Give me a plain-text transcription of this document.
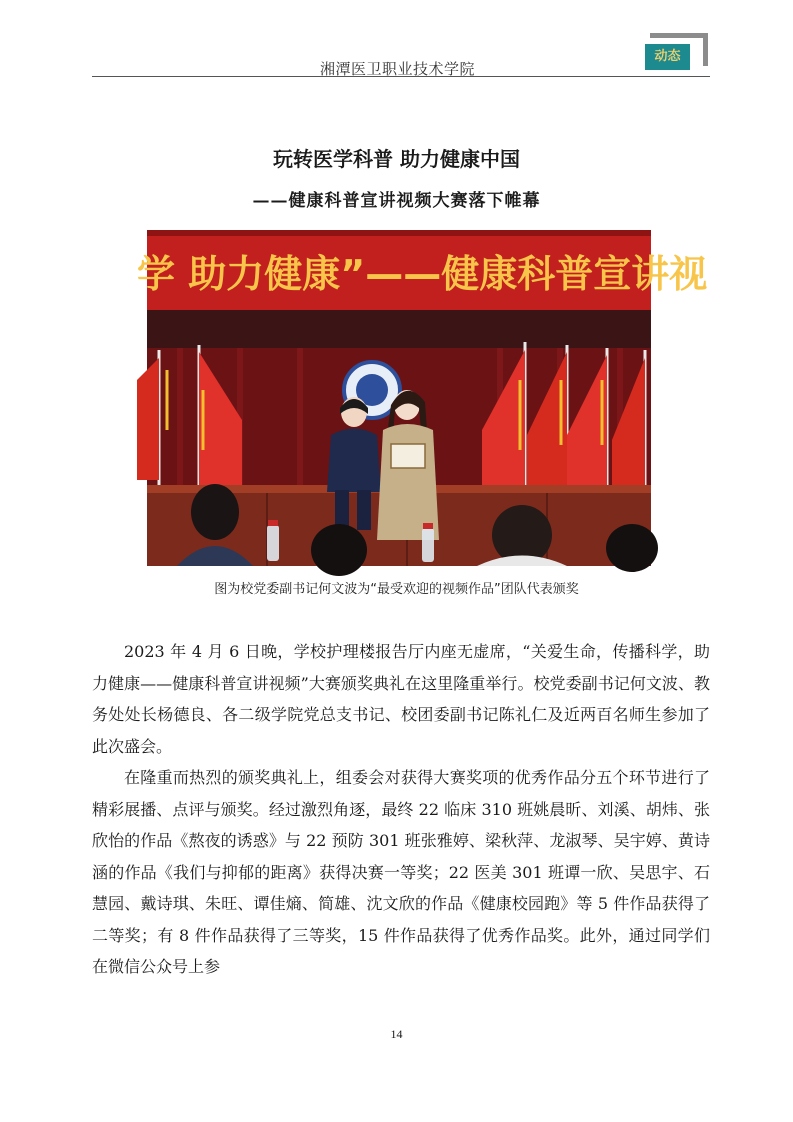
湘潭医卫职业技术学院
动态
玩转医学科普 助力健康中国
——健康科普宣讲视频大赛落下帷幕
学 助力健康”——健康科普宣讲视
图为校党委副书记何文波为“最受欢迎的视频作品”团队代表颁奖

2023 年 4 月 6 日晚，学校护理楼报告厅内座无虚席，“关爱生命，传播科学，助力健康——健康科普宣讲视频”大赛颁奖典礼在这里隆重举行。校党委副书记何文波、教务处处长杨德良、各二级学院党总支书记、校团委副书记陈礼仁及近两百名师生参加了此次盛会。

在隆重而热烈的颁奖典礼上，组委会对获得大赛奖项的优秀作品分五个环节进行了精彩展播、点评与颁奖。经过激烈角逐，最终 22 临床 310 班姚晨昕、刘溪、胡炜、张欣怡的作品《熬夜的诱惑》与 22 预防 301 班张雅婷、梁秋萍、龙淑琴、吴宇婷、黄诗涵的作品《我们与抑郁的距离》获得决赛一等奖；22 医美 301 班谭一欣、吴思宇、石慧园、戴诗琪、朱旺、谭佳熵、简雄、沈文欣的作品《健康校园跑》等 5 件作品获得了二等奖；有 8 件作品获得了三等奖，15 件作品获得了优秀作品奖。此外，通过同学们在微信公众号上参

14
